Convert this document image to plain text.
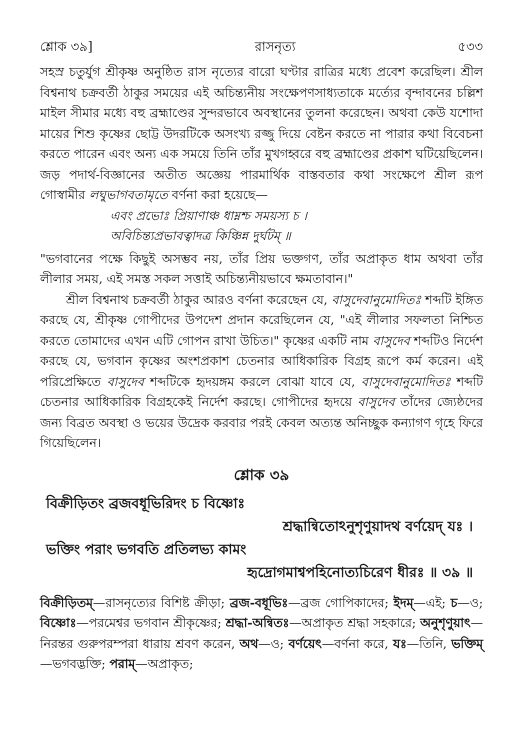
শ্লোক ৩৯]	রাসনৃত্য	৫৩৩

সহস্র চতুর্যুগ শ্রীকৃষ্ণ অনুষ্ঠিত রাস নৃত্যের বারো ঘণ্টার রাত্রির মধ্যে প্রবেশ করেছিল। শ্রীল বিশ্বনাথ চক্রবর্তী ঠাকুর সময়ের এই অচিন্ত্যনীয় সংক্ষেপণসাধ্যতাকে মর্ত্যের বৃন্দাবনের চল্লিশ মাইল সীমার মধ্যে বহু ব্রহ্মাণ্ডের সুন্দরভাবে অবস্থানের তুলনা করেছেন। অথবা কেউ যশোদা মায়ের শিশু কৃষ্ণের ছোট্ট উদরটিকে অসংখ্য রজ্জু দিয়ে বেষ্টন করতে না পারার কথা বিবেচনা করতে পারেন এবং অন্য এক সময়ে তিনি তাঁর মুখগহ্বরে বহু ব্রহ্মাণ্ডের প্রকাশ ঘটিয়েছিলেন। জড় পদার্থ-বিজ্ঞানের অতীত অজ্ঞেয় পারমার্থিক বাস্তবতার কথা সংক্ষেপে শ্রীল রূপ গোস্বামীর লঘুভাগবতামৃতে বর্ণনা করা হয়েছে—

এবং প্রভোঃ প্রিয়াণাঞ্চ ধাম্নশ্চ সময়স্য চ ।
অবিচিন্ত্যপ্রভাবত্বাদত্র কিঞ্চিন্ন দুর্ঘটম্ ॥

"ভগবানের পক্ষে কিছুই অসম্ভব নয়, তাঁর প্রিয় ভক্তগণ, তাঁর অপ্রাকৃত ধাম অথবা তাঁর লীলার সময়, এই সমস্ত সকল সত্তাই অচিন্ত্যনীয়ভাবে ক্ষমতাবান।"

শ্রীল বিশ্বনাথ চক্রবর্তী ঠাকুর আরও বর্ণনা করেছেন যে, বাসুদেবানুমোদিতঃ শব্দটি ইঙ্গিত করছে যে, শ্রীকৃষ্ণ গোপীদের উপদেশ প্রদান করেছিলেন যে, "এই লীলার সফলতা নিশ্চিত করতে তোমাদের এখন এটি গোপন রাখা উচিত।" কৃষ্ণের একটি নাম বাসুদেব শব্দটিও নির্দেশ করছে যে, ভগবান কৃষ্ণের অংশপ্রকাশ চেতনার আধিকারিক বিগ্রহ রূপে কর্ম করেন। এই পরিপ্রেক্ষিতে বাসুদেব শব্দটিকে হৃদয়ঙ্গম করলে বোঝা যাবে যে, বাসুদেবানুমোদিতঃ শব্দটি চেতনার আধিকারিক বিগ্রহকেই নির্দেশ করছে। গোপীদের হৃদয়ে বাসুদেব তাঁদের জ্যেষ্ঠদের জন্য বিব্রত অবস্থা ও ভয়ের উদ্রেক করবার পরই কেবল অত্যন্ত অনিচ্ছুক কন্যাগণ গৃহে ফিরে গিয়েছিলেন।

শ্লোক ৩৯
বিক্রীড়িতং ব্রজবধূভিরিদং চ বিষ্ণোঃ
শ্রদ্ধান্বিতোঽনুশৃণুয়াদথ বর্ণয়েদ্ যঃ ।
ভক্তিং পরাং ভগবতি প্রতিলভ্য কামং
হৃদ্রোগমাশ্বপহিনোত্যচিরেণ ধীরঃ ॥ ৩৯ ॥
বিক্রীড়িতম্—রাসনৃত্যের বিশিষ্ট ক্রীড়া; ব্রজ-বধূভিঃ—ব্রজ গোপিকাদের; ইদম্—এই; চ—ও; বিষ্ণোঃ—পরমেশ্বর ভগবান শ্রীকৃষ্ণের; শ্রদ্ধা-অন্বিতঃ—অপ্রাকৃত শ্রদ্ধা সহকারে; অনুশৃণুয়াৎ—নিরন্তর গুরুপরম্পরা ধারায় শ্রবণ করেন, অথ—ও; বর্ণয়েৎ—বর্ণনা করে, যঃ—তিনি, ভক্তিম্—ভগবদ্ভক্তি; পরাম্—অপ্রাকৃত;
